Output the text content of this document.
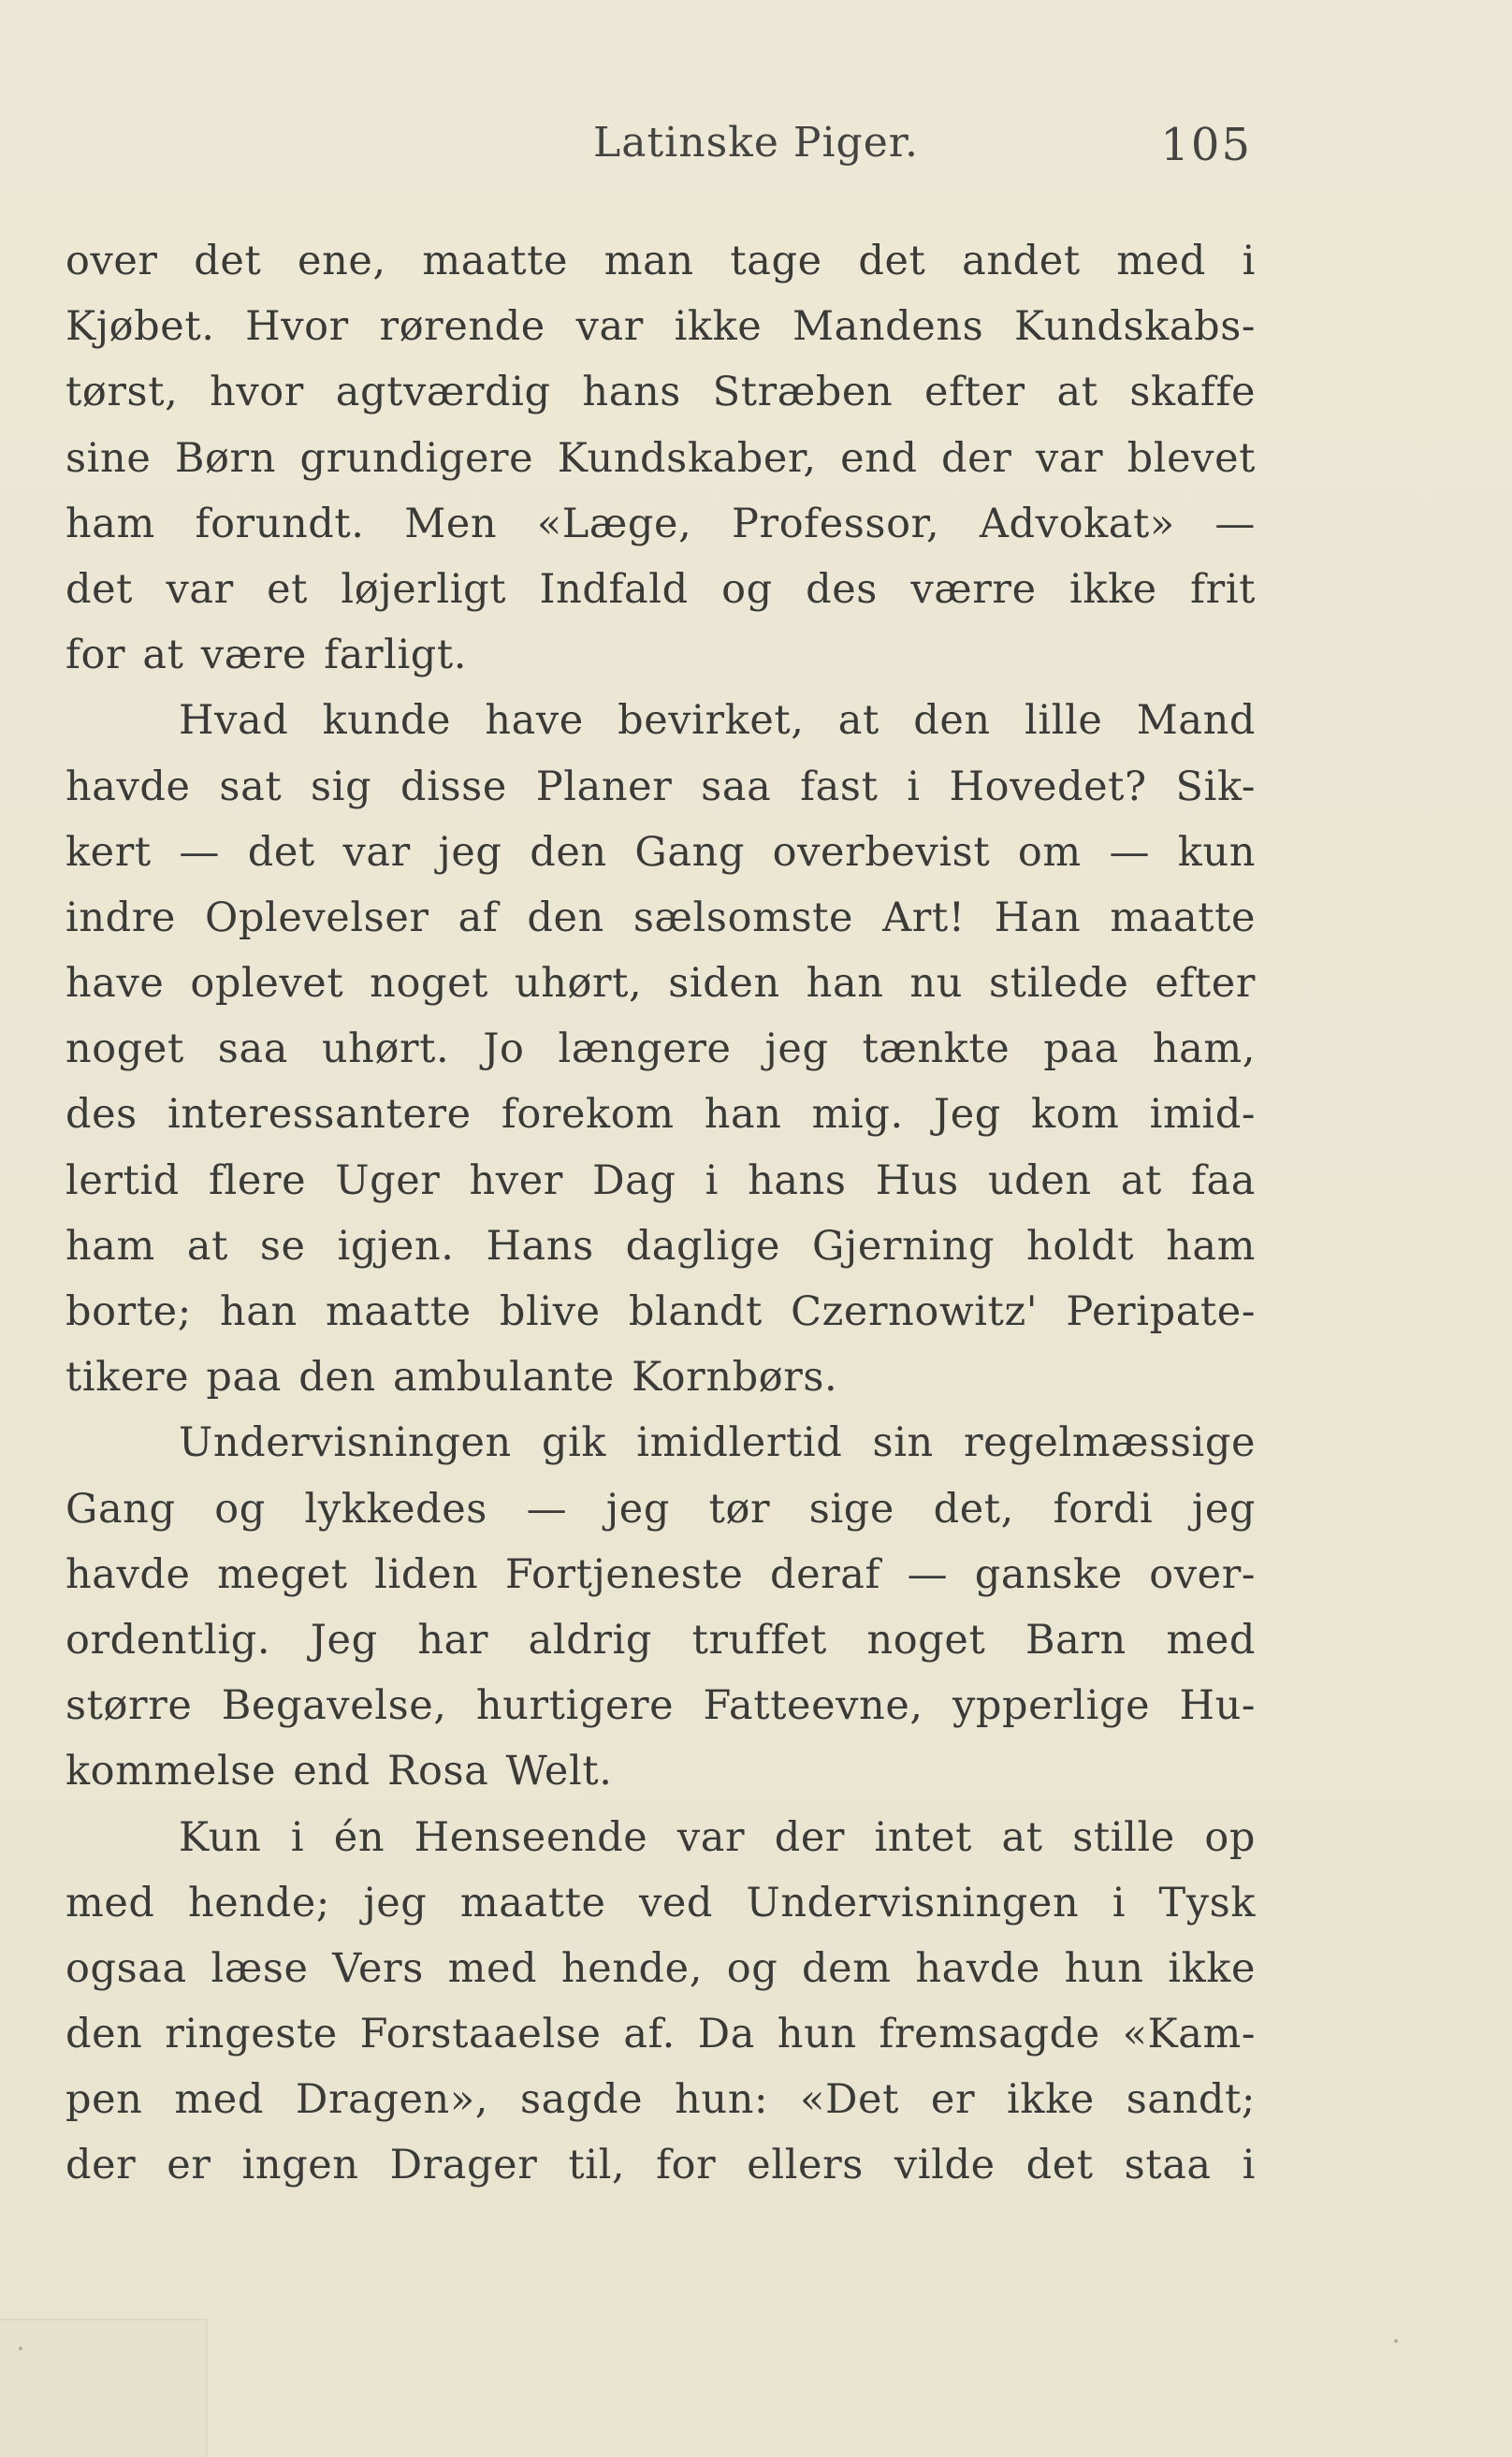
Latinske Piger.	105
over det ene, maatte man tage det andet med i
Kjøbet. Hvor rørende var ikke Mandens Kundskabs-
tørst, hvor agtværdig hans Stræben efter at skaffe
sine Børn grundigere Kundskaber, end der var blevet
ham forundt. Men «Læge, Professor, Advokat» —
det var et løjerligt Indfald og des værre ikke frit
for at være farligt.
Hvad kunde have bevirket, at den lille Mand
havde sat sig disse Planer saa fast i Hovedet? Sik-
kert — det var jeg den Gang overbevist om — kun
indre Oplevelser af den sælsomste Art! Han maatte
have oplevet noget uhørt, siden han nu stilede efter
noget saa uhørt. Jo længere jeg tænkte paa ham,
des interessantere forekom han mig. Jeg kom imid-
lertid flere Uger hver Dag i hans Hus uden at faa
ham at se igjen. Hans daglige Gjerning holdt ham
borte; han maatte blive blandt Czernowitz' Peripate-
tikere paa den ambulante Kornbørs.
Undervisningen gik imidlertid sin regelmæssige
Gang og lykkedes — jeg tør sige det, fordi jeg
havde meget liden Fortjeneste deraf — ganske over-
ordentlig. Jeg har aldrig truffet noget Barn med
større Begavelse, hurtigere Fatteevne, ypperlige Hu-
kommelse end Rosa Welt.
Kun i én Henseende var der intet at stille op
med hende; jeg maatte ved Undervisningen i Tysk
ogsaa læse Vers med hende, og dem havde hun ikke
den ringeste Forstaaelse af. Da hun fremsagde «Kam-
pen med Dragen», sagde hun: «Det er ikke sandt;
der er ingen Drager til, for ellers vilde det staa i
